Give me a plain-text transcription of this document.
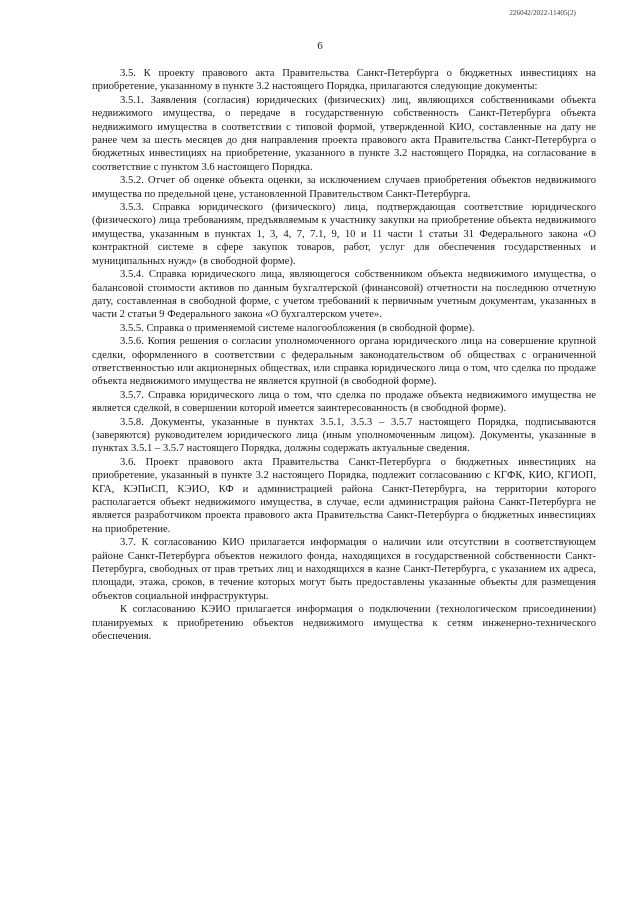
226042/2022-11405(2)
6

3.5. К проекту правового акта Правительства Санкт-Петербурга о бюджетных инвестициях на приобретение, указанному в пункте 3.2 настоящего Порядка, прилагаются следующие документы:

3.5.1. Заявления (согласия) юридических (физических) лиц, являющихся собственниками объекта недвижимого имущества, о передаче в государственную собственность Санкт-Петербурга объекта недвижимого имущества в соответствии с типовой формой, утвержденной КИО, составленные на дату не ранее чем за шесть месяцев до дня направления проекта правового акта Правительства Санкт-Петербурга о бюджетных инвестициях на приобретение, указанного в пункте 3.2 настоящего Порядка, на согласование в соответствие с пунктом 3.6 настоящего Порядка.

3.5.2. Отчет об оценке объекта оценки, за исключением случаев приобретения объектов недвижимого имущества по предельной цене, установленной Правительством Санкт-Петербурга.

3.5.3. Справка юридического (физического) лица, подтверждающая соответствие юридического (физического) лица требованиям, предъявляемым к участнику закупки на приобретение объекта недвижимого имущества, указанным в пунктах 1, 3, 4, 7, 7.1, 9, 10 и 11 части 1 статьи 31 Федерального закона «О контрактной системе в сфере закупок товаров, работ, услуг для обеспечения государственных и муниципальных нужд» (в свободной форме).

3.5.4. Справка юридического лица, являющегося собственником объекта недвижимого имущества, о балансовой стоимости активов по данным бухгалтерской (финансовой) отчетности на последнюю отчетную дату, составленная в свободной форме, с учетом требований к первичным учетным документам, указанных в части 2 статьи 9 Федерального закона «О бухгалтерском учете».

3.5.5. Справка о применяемой системе налогообложения (в свободной форме).

3.5.6. Копия решения о согласии уполномоченного органа юридического лица на совершение крупной сделки, оформленного в соответствии с федеральным законодательством об обществах с ограниченной ответственностью или акционерных обществах, или справка юридического лица о том, что сделка по продаже объекта недвижимого имущества не является крупной (в свободной форме).

3.5.7. Справка юридического лица о том, что сделка по продаже объекта недвижимого имущества не является сделкой, в совершении которой имеется заинтересованность (в свободной форме).

3.5.8. Документы, указанные в пунктах 3.5.1, 3.5.3 – 3.5.7 настоящего Порядка, подписываются (заверяются) руководителем юридического лица (иным уполномоченным лицом). Документы, указанные в пунктах 3.5.1 – 3.5.7 настоящего Порядка, должны содержать актуальные сведения.

3.6. Проект правового акта Правительства Санкт-Петербурга о бюджетных инвестициях на приобретение, указанный в пункте 3.2 настоящего Порядка, подлежит согласованию с КГФК, КИО, КГИОП, КГА, КЭПиСП, КЭИО, КФ и администрацией района Санкт-Петербурга, на территории которого располагается объект недвижимого имущества, в случае, если администрация района Санкт-Петербурга не является разработчиком проекта правового акта Правительства Санкт-Петербурга о бюджетных инвестициях на приобретение.

3.7. К согласованию КИО прилагается информация о наличии или отсутствии в соответствующем районе Санкт-Петербурга объектов нежилого фонда, находящихся в государственной собственности Санкт-Петербурга, свободных от прав третьих лиц и находящихся в казне Санкт-Петербурга, с указанием их адреса, площади, этажа, сроков, в течение которых могут быть предоставлены указанные объекты для размещения объектов социальной инфраструктуры.

К согласованию КЭИО прилагается информация о подключении (технологическом присоединении) планируемых к приобретению объектов недвижимого имущества к сетям инженерно-технического обеспечения.
